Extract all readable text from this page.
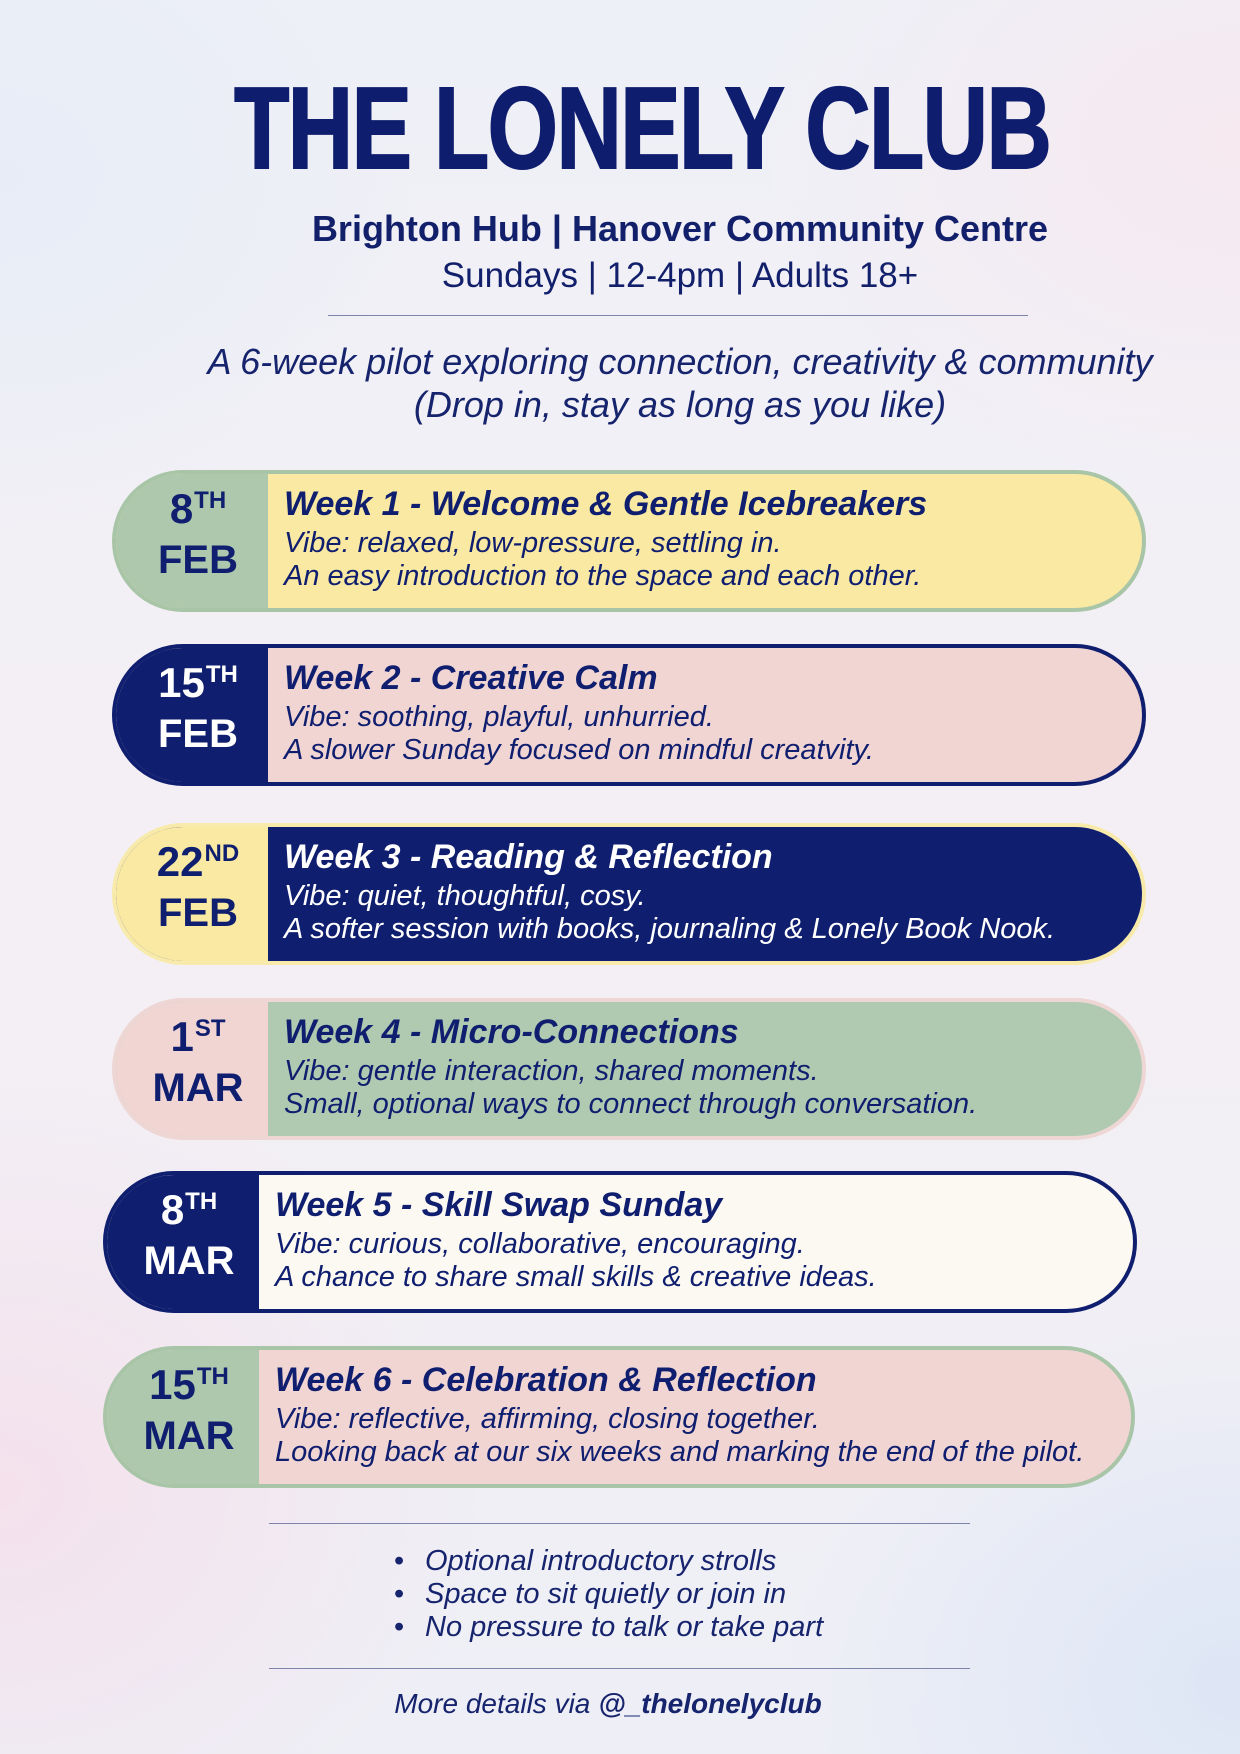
THE LONELY CLUB
Brighton Hub | Hanover Community Centre
Sundays | 12-4pm | Adults 18+
A 6-week pilot exploring connection, creativity & community
(Drop in, stay as long as you like)
8TH
FEB
Week 1 - Welcome & Gentle Icebreakers
Vibe: relaxed, low-pressure, settling in.
An easy introduction to the space and each other.
15TH
FEB
Week 2 - Creative Calm
Vibe: soothing, playful, unhurried.
A slower Sunday focused on mindful creatvity.
22ND
FEB
Week 3 - Reading & Reflection
Vibe: quiet, thoughtful, cosy.
A softer session with books, journaling & Lonely Book Nook.
1ST
MAR
Week 4 - Micro-Connections
Vibe: gentle interaction, shared moments.
Small, optional ways to connect through conversation.
8TH
MAR
Week 5 - Skill Swap Sunday
Vibe: curious, collaborative, encouraging.
A chance to share small skills & creative ideas.
15TH
MAR
Week 6 - Celebration & Reflection
Vibe: reflective, affirming, closing together.
Looking back at our six weeks and marking the end of the pilot.
• Optional introductory strolls
• Space to sit quietly or join in
• No pressure to talk or take part
More details via @_thelonelyclub
